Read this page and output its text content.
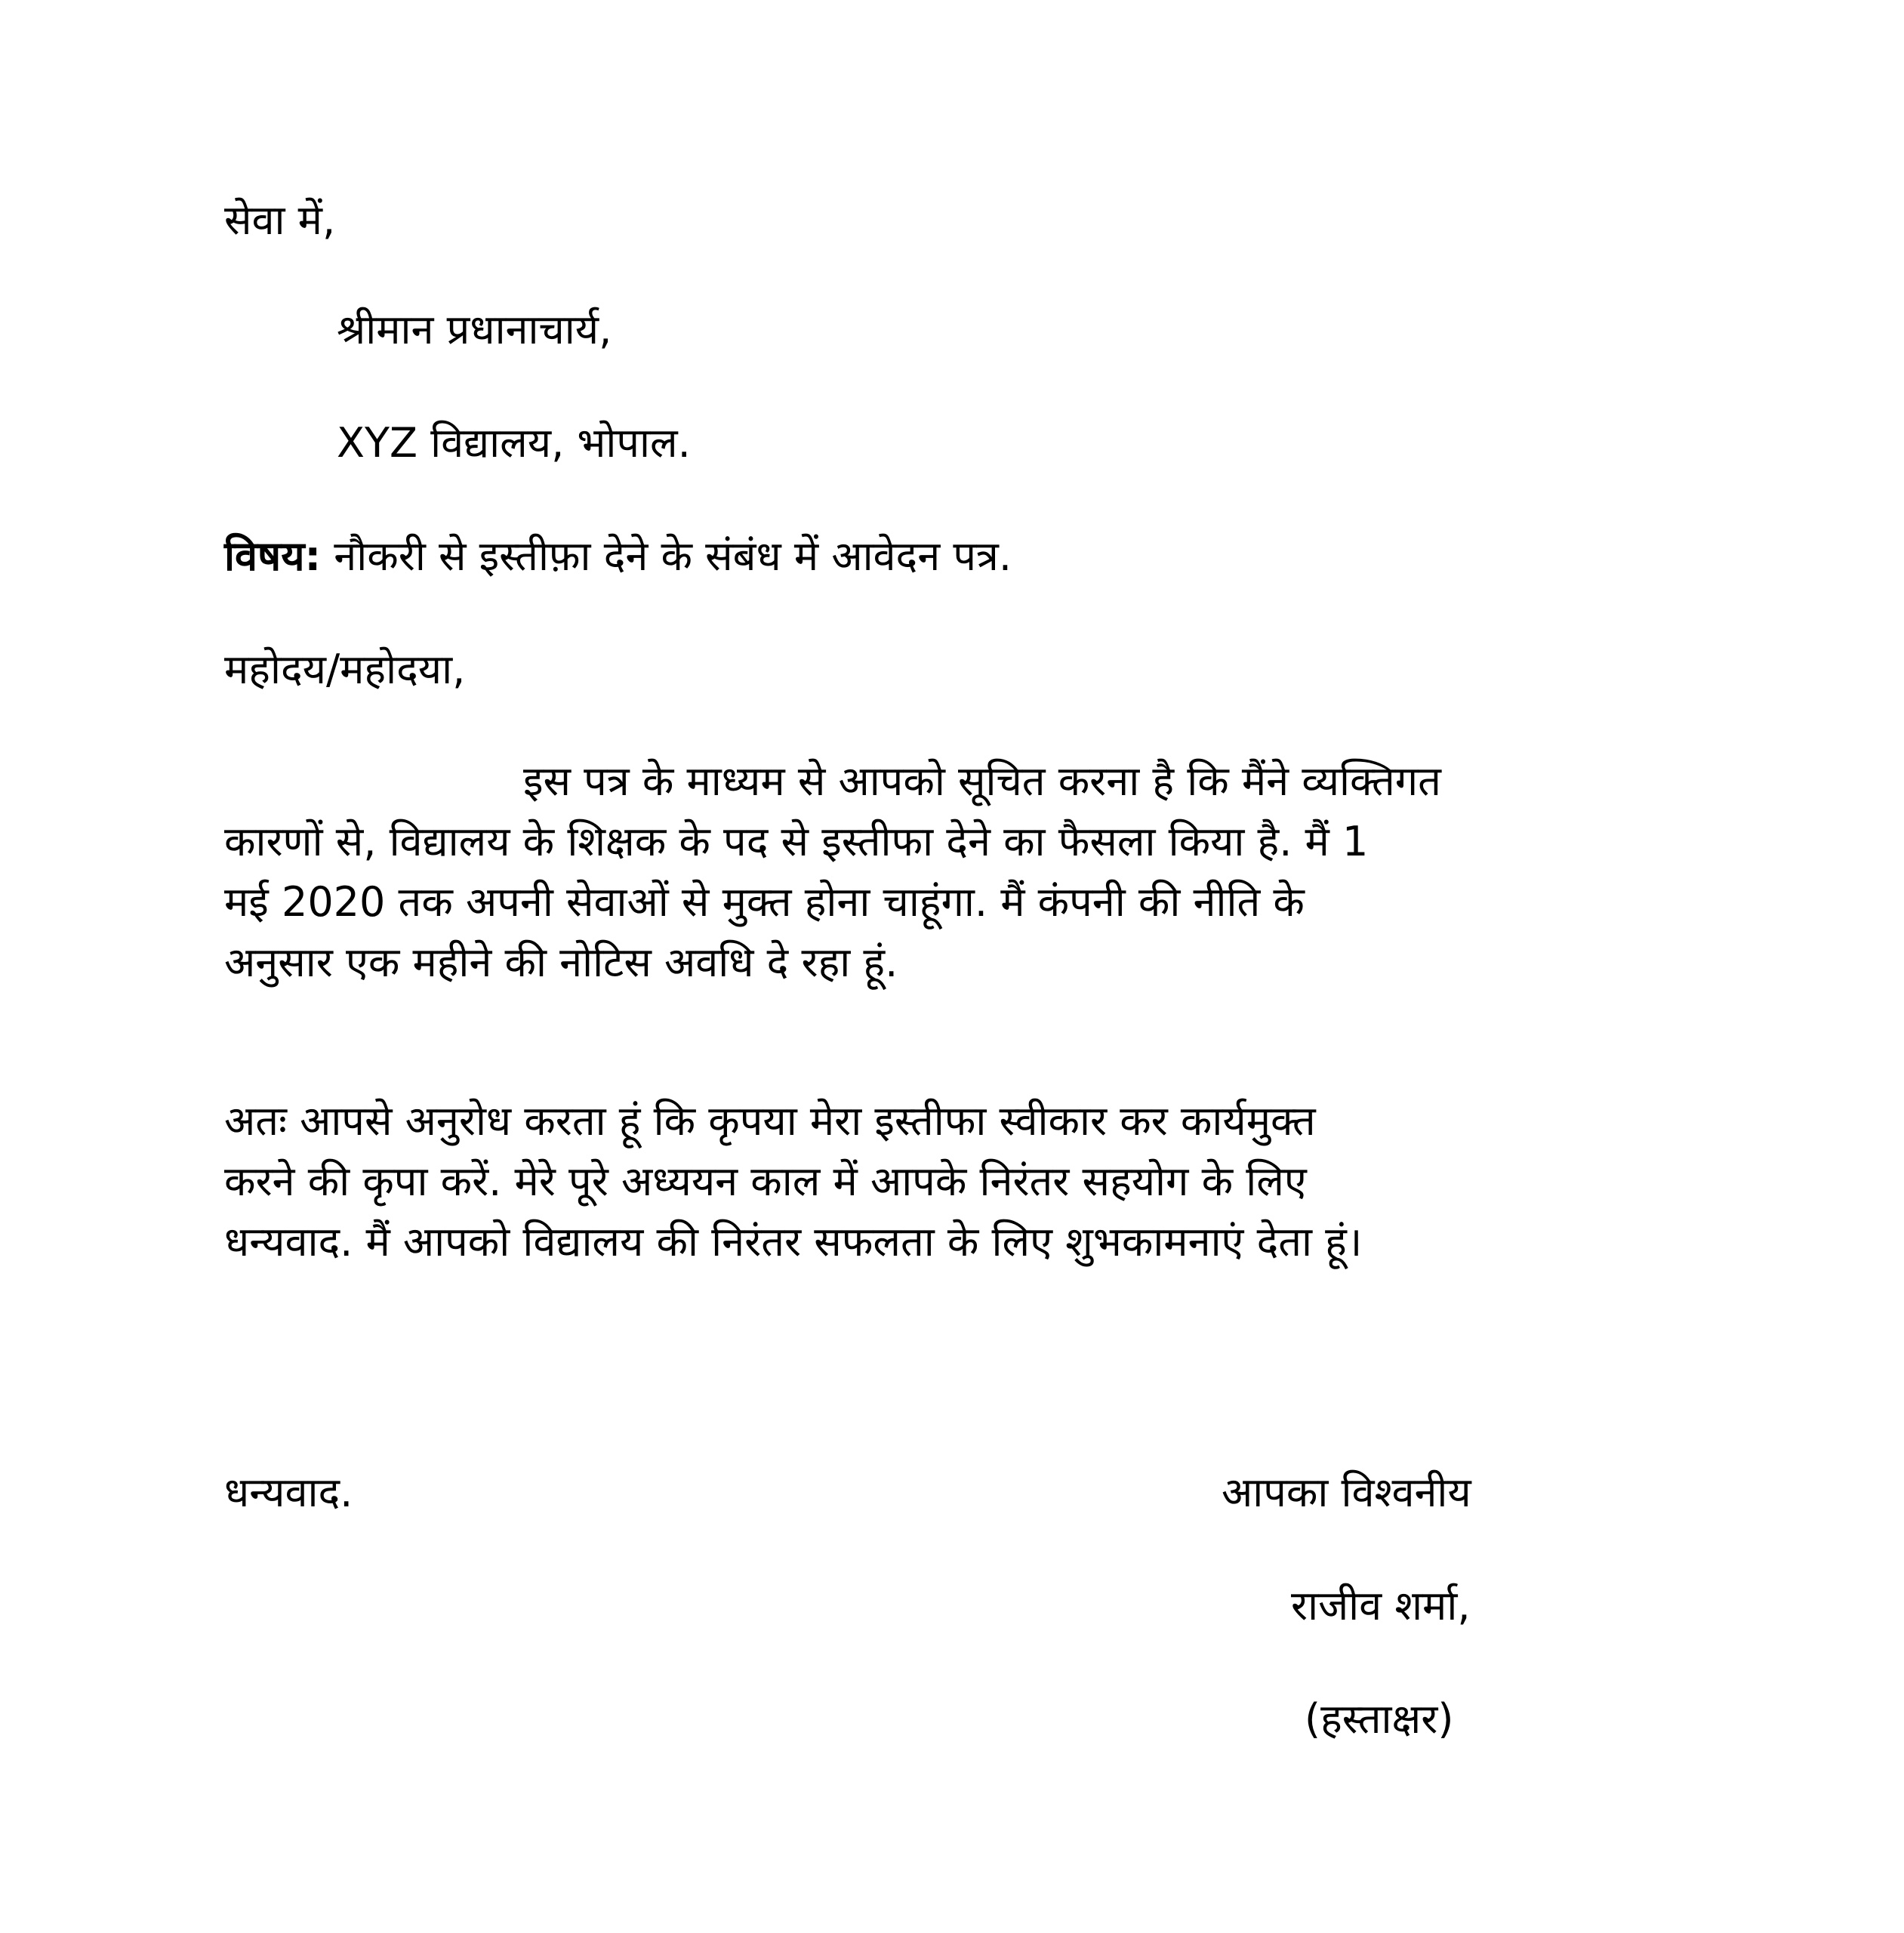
सेवा में,

श्रीमान प्रधानाचार्य,

XYZ विद्यालय, भोपाल.

विषय: नौकरी से इस्तीफ़ा देने के संबंध में आवेदन पत्र.

महोदय/महोदया,

इस पत्र के माध्यम से आपको सूचित करना है कि मैंने व्यक्तिगत
कारणों से, विद्यालय के शिक्षक के पद से इस्तीफा देने का फैसला किया है. मैं 1
मई 2020 तक अपनी सेवाओं से मुक्त होना चाहूंगा. मैं कंपनी की नीति के
अनुसार एक महीने की नोटिस अवधि दे रहा हूं.
अतः आपसे अनुरोध करता हूं कि कृपया मेरा इस्तीफा स्वीकार कर कार्यमुक्त
करने की कृपा करें. मेरे पूरे अध्ययन काल में आपके निरंतर सहयोग के लिए
धन्यवाद. मैं आपको विद्यालय की निरंतर सफलता के लिए शुभकामनाएं देता हूं।

धन्यवाद.	आपका विश्वनीय

राजीव शर्मा,

(हस्ताक्षर)
